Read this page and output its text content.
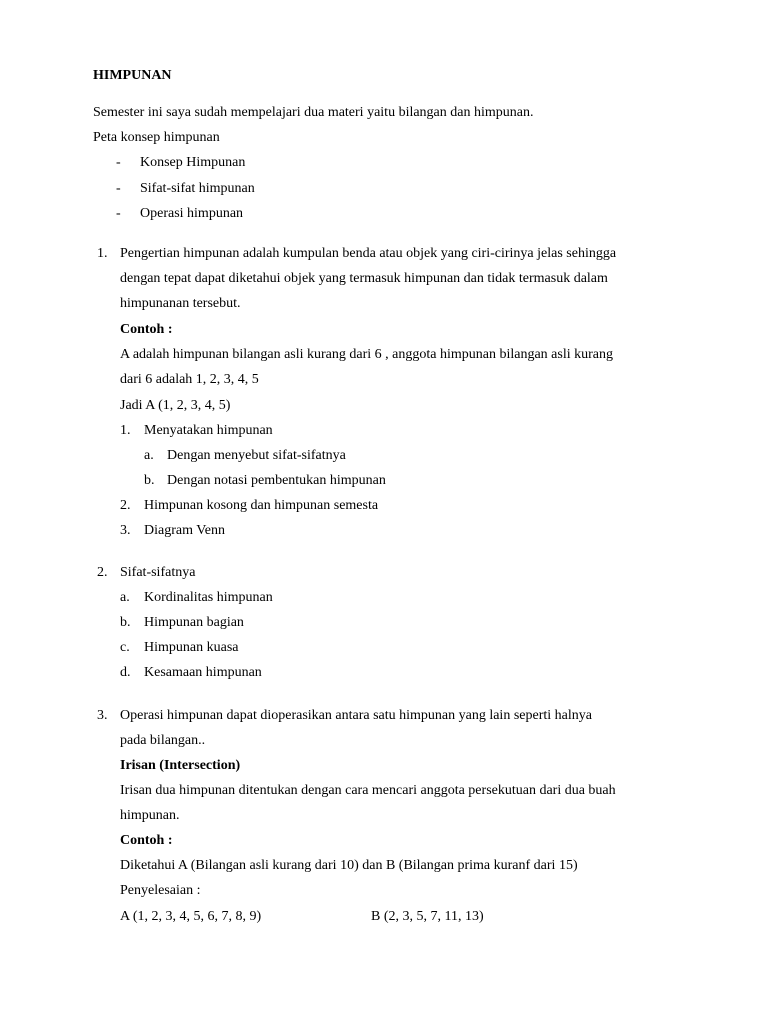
HIMPUNAN
Semester ini saya sudah mempelajari dua materi yaitu bilangan dan himpunan.
Peta konsep himpunan
- Konsep Himpunan
- Sifat-sifat himpunan
- Operasi himpunan
1. Pengertian himpunan adalah kumpulan benda atau objek yang ciri-cirinya jelas sehingga
dengan tepat dapat diketahui objek yang termasuk himpunan dan tidak termasuk dalam
himpunanan tersebut.
Contoh :
A adalah himpunan bilangan asli kurang dari 6 , anggota himpunan bilangan asli kurang
dari 6 adalah 1, 2, 3, 4, 5
Jadi A (1, 2, 3, 4, 5)
1. Menyatakan himpunan
a. Dengan menyebut sifat-sifatnya
b. Dengan notasi pembentukan himpunan
2. Himpunan kosong dan himpunan semesta
3. Diagram Venn
2. Sifat-sifatnya
a. Kordinalitas himpunan
b. Himpunan bagian
c. Himpunan kuasa
d. Kesamaan himpunan
3. Operasi himpunan dapat dioperasikan antara satu himpunan yang lain seperti halnya
pada bilangan..
Irisan (Intersection)
Irisan dua himpunan ditentukan dengan cara mencari anggota persekutuan dari dua buah
himpunan.
Contoh :
Diketahui A (Bilangan asli kurang dari 10) dan B (Bilangan prima kuranf dari 15)
Penyelesaian :
A (1, 2, 3, 4, 5, 6, 7, 8, 9)	B (2, 3, 5, 7, 11, 13)
